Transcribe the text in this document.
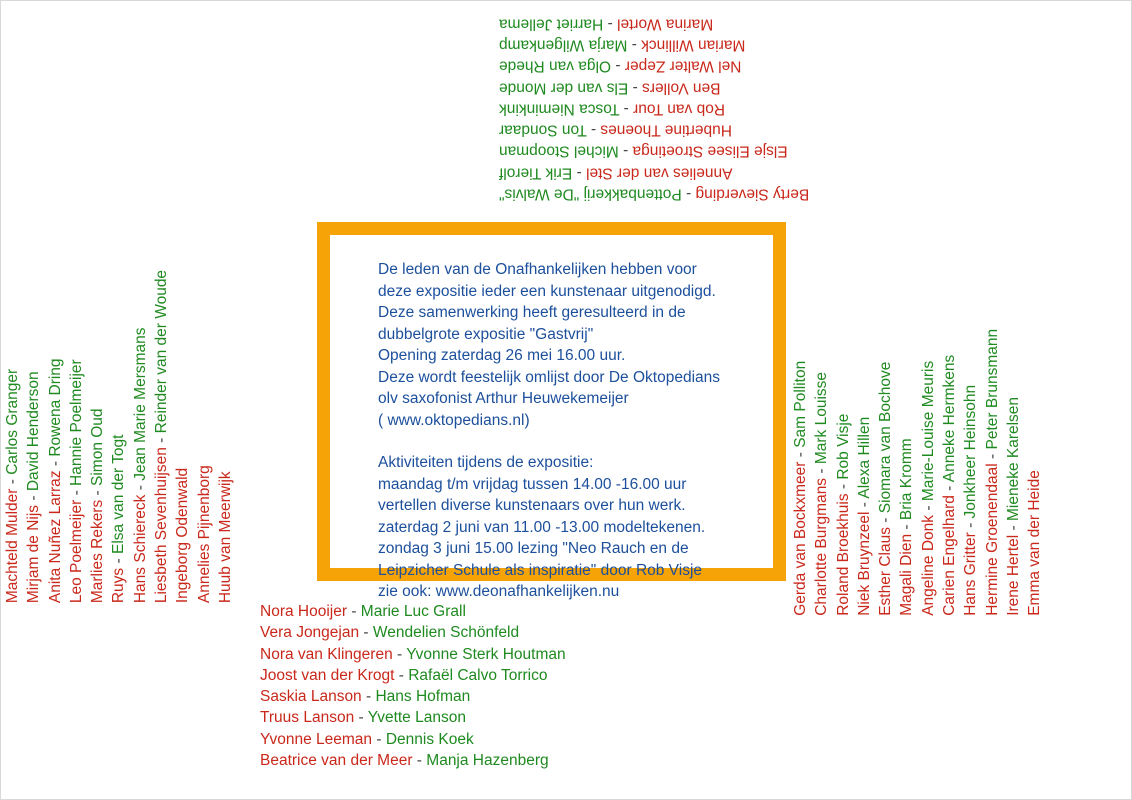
De leden van de Onafhankelijken hebben voor

deze expositie ieder een kunstenaar uitgenodigd.

Deze samenwerking heeft geresulteerd in de

dubbelgrote expositie "Gastvrij"

Opening zaterdag 26 mei 16.00 uur.

Deze wordt feestelijk omlijst door De Oktopedians

olv saxofonist Arthur Heuwekemeijer

( www.oktopedians.nl)

Aktiviteiten tijdens de expositie:

maandag t/m vrijdag tussen 14.00 -16.00 uur

vertellen diverse kunstenaars over hun werk.

zaterdag 2 juni van 11.00 -13.00 modeltekenen.

zondag 3 juni 15.00 lezing "Neo Rauch en de

Leipzicher Schule als inspiratie" door Rob Visje

zie ook: www.deonafhankelijken.nu

Nora Hooijer - Marie Luc Grall
Vera Jongejan - Wendelien Schönfeld
Nora van Klingeren - Yvonne Sterk Houtman
Joost van der Krogt - Rafaël Calvo Torrico
Saskia Lanson - Hans Hofman
Truus Lanson - Yvette Lanson
Yvonne Leeman - Dennis Koek
Beatrice van der Meer - Manja Hazenberg
Berty Sieverding - Pottenbakkerij "De Walvis"
Annelies van der Stel - Erik Tierolf
Elsje Elisee Stroetinga - Michel Stoopman
Hubertine Thoenes - Ton Sondaar
Rob van Tour - Tosca Nieminkink
Ben Vollers - Els van der Monde
Nel Walter Zeper - Olga van Rhede
Marian Willinck - Marja Wilgenkamp
Marina Wortel - Harriet Jellema
Machteld Mulder - Carlos Granger
Mirjam de Nijs - David Henderson
Anita Nuñez Larraz - Rowena Dring
Leo Poelmeijer - Hannie Poelmeijer
Marlies Rekers - Simon Oud
Ruys - Elsa van der Togt Hans Schiereck - Jean Marie Mersmans
Liesbeth Sevenhuijsen - Reinder van der Woude
Ingeborg Odenwald Annelies Pijnenborg Huub van Meerwijk	Gerda van Bockxmeer - Sam Polliton
Charlotte Burgmans - Mark Louisse
Roland Broekhuis - Rob Visje
Niek Bruynzeel - Alexa Hillen
Esther Claus - Siomara van Bochove
Magali Dien - Bria Kromm
Angeline Donk - Marie-Louise Meuris
Carien Engelhard - Anneke Hermkens
Hans Gritter - Jonkheer Heinsohn
Hermine Groenendaal - Peter Brunsmann
Irene Hertel - Mieneke Karelsen
Emma van der Heide
